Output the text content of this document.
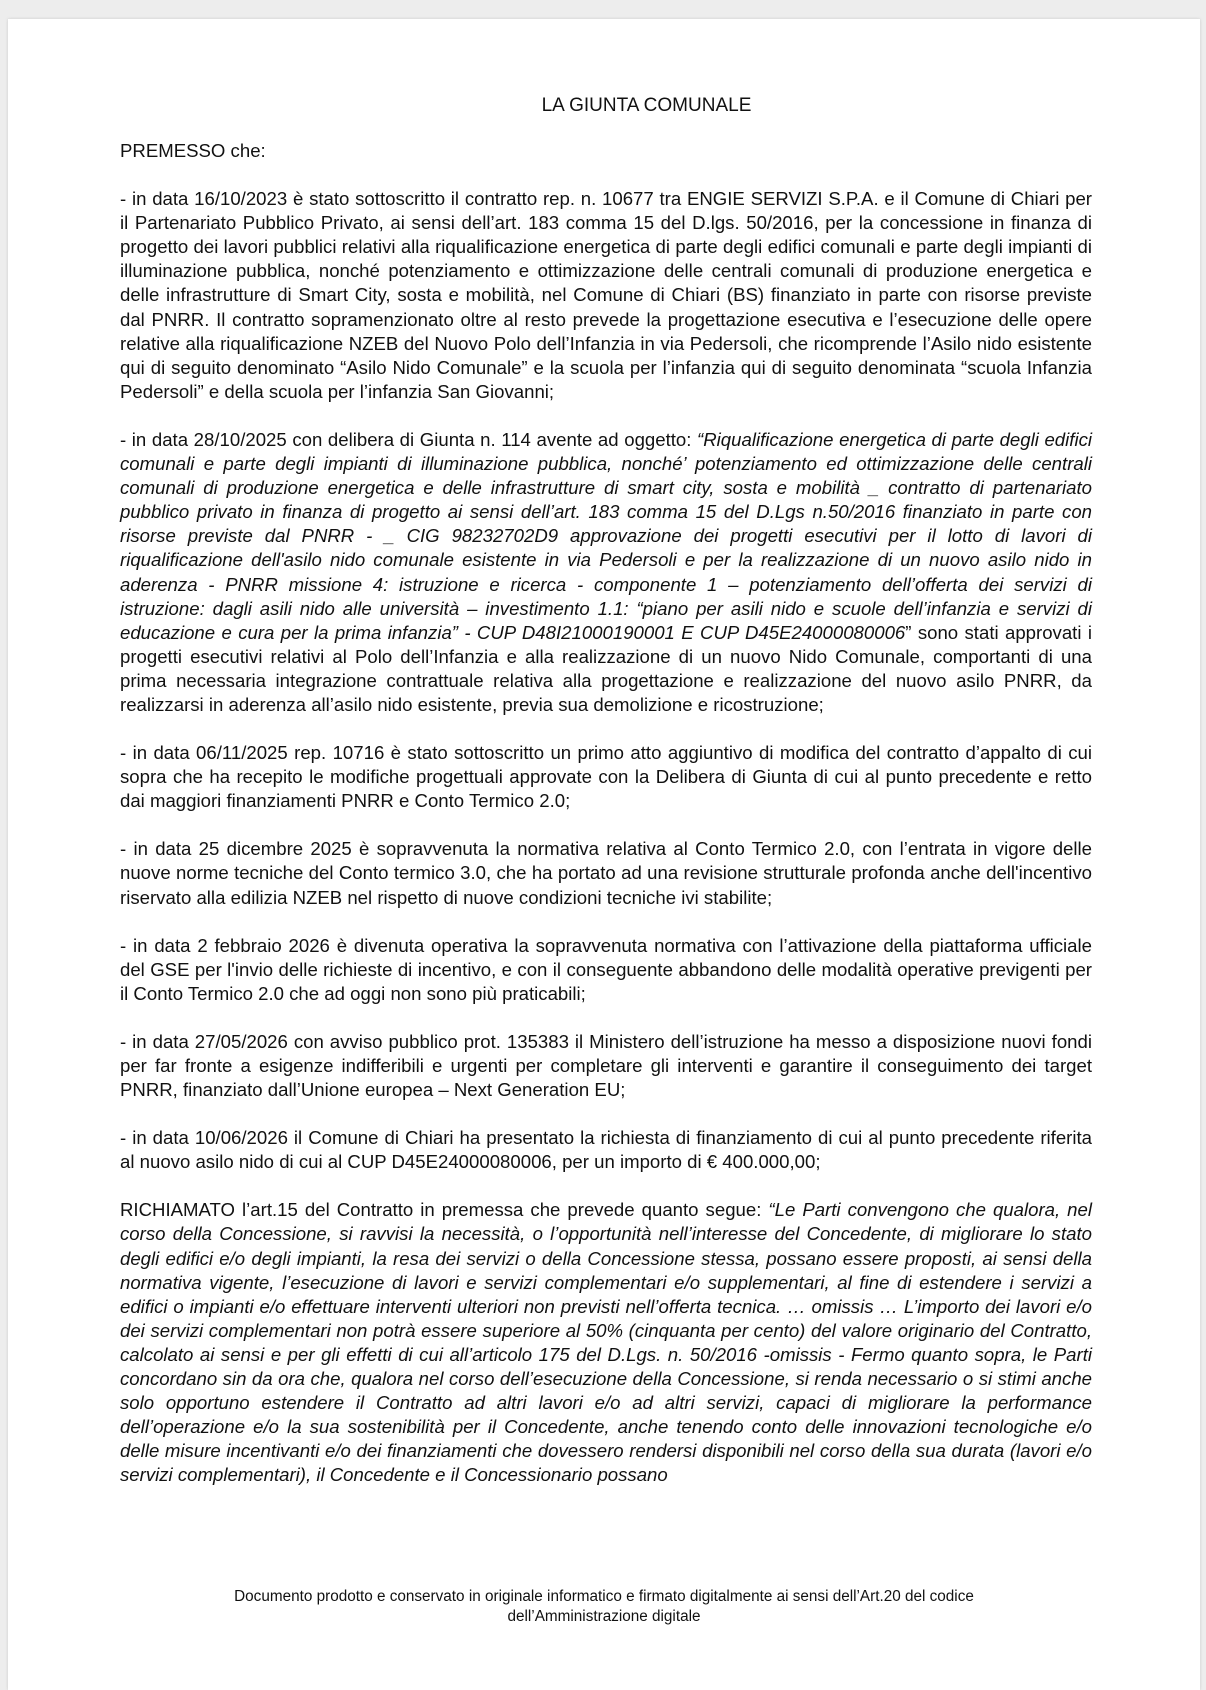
LA GIUNTA COMUNALE

PREMESSO che:

- in data 16/10/2023 è stato sottoscritto il contratto rep. n. 10677 tra ENGIE SERVIZI S.P.A. e il Comune di Chiari per il Partenariato Pubblico Privato, ai sensi dell’art. 183 comma 15 del D.lgs. 50/2016, per la concessione in finanza di progetto dei lavori pubblici relativi alla riqualificazione energetica di parte degli edifici comunali e parte degli impianti di illuminazione pubblica, nonché potenziamento e ottimizzazione delle centrali comunali di produzione energetica e delle infrastrutture di Smart City, sosta e mobilità, nel Comune di Chiari (BS) finanziato in parte con risorse previste dal PNRR. Il contratto sopramenzionato oltre al resto prevede la progettazione esecutiva e l’esecuzione delle opere relative alla riqualificazione NZEB del Nuovo Polo dell’Infanzia in via Pedersoli, che ricomprende l’Asilo nido esistente qui di seguito denominato “Asilo Nido Comunale” e la scuola per l’infanzia qui di seguito denominata “scuola Infanzia Pedersoli” e della scuola per l’infanzia San Giovanni;

- in data 28/10/2025 con delibera di Giunta n. 114 avente ad oggetto: “Riqualificazione energetica di parte degli edifici comunali e parte degli impianti di illuminazione pubblica, nonché’ potenziamento ed ottimizzazione delle centrali comunali di produzione energetica e delle infrastrutture di smart city, sosta e mobilità _ contratto di partenariato pubblico privato in finanza di progetto ai sensi dell’art. 183 comma 15 del D.Lgs n.50/2016 finanziato in parte con risorse previste dal PNRR - _ CIG 98232702D9 approvazione dei progetti esecutivi per il lotto di lavori di riqualificazione dell'asilo nido comunale esistente in via Pedersoli e per la realizzazione di un nuovo asilo nido in aderenza - PNRR missione 4: istruzione e ricerca - componente 1 – potenziamento dell’offerta dei servizi di istruzione: dagli asili nido alle università – investimento 1.1: “piano per asili nido e scuole dell’infanzia e servizi di educazione e cura per la prima infanzia” - CUP D48I21000190001 E CUP D45E24000080006” sono stati approvati i progetti esecutivi relativi al Polo dell’Infanzia e alla realizzazione di un nuovo Nido Comunale, comportanti di una prima necessaria integrazione contrattuale relativa alla progettazione e realizzazione del nuovo asilo PNRR, da realizzarsi in aderenza all’asilo nido esistente, previa sua demolizione e ricostruzione;

- in data 06/11/2025 rep. 10716 è stato sottoscritto un primo atto aggiuntivo di modifica del contratto d’appalto di cui sopra che ha recepito le modifiche progettuali approvate con la Delibera di Giunta di cui al punto precedente e retto dai maggiori finanziamenti PNRR e Conto Termico 2.0;

- in data 25 dicembre 2025 è sopravvenuta la normativa relativa al Conto Termico 2.0, con l’entrata in vigore delle nuove norme tecniche del Conto termico 3.0, che ha portato ad una revisione strutturale profonda anche dell'incentivo riservato alla edilizia NZEB nel rispetto di nuove condizioni tecniche ivi stabilite;

- in data 2 febbraio 2026 è divenuta operativa la sopravvenuta normativa con l’attivazione della piattaforma ufficiale del GSE per l'invio delle richieste di incentivo, e con il conseguente abbandono delle modalità operative previgenti per il Conto Termico 2.0 che ad oggi non sono più praticabili;

- in data 27/05/2026 con avviso pubblico prot. 135383 il Ministero dell’istruzione ha messo a disposizione nuovi fondi per far fronte a esigenze indifferibili e urgenti per completare gli interventi e garantire il conseguimento dei target PNRR, finanziato dall’Unione europea – Next Generation EU;

- in data 10/06/2026 il Comune di Chiari ha presentato la richiesta di finanziamento di cui al punto precedente riferita al nuovo asilo nido di cui al CUP D45E24000080006, per un importo di € 400.000,00;

RICHIAMATO l’art.15 del Contratto in premessa che prevede quanto segue: “Le Parti convengono che qualora, nel corso della Concessione, si ravvisi la necessità, o l’opportunità nell’interesse del Concedente, di migliorare lo stato degli edifici e/o degli impianti, la resa dei servizi o della Concessione stessa, possano essere proposti, ai sensi della normativa vigente, l’esecuzione di lavori e servizi complementari e/o supplementari, al fine di estendere i servizi a edifici o impianti e/o effettuare interventi ulteriori non previsti nell’offerta tecnica. … omissis … L’importo dei lavori e/o dei servizi complementari non potrà essere superiore al 50% (cinquanta per cento) del valore originario del Contratto, calcolato ai sensi e per gli effetti di cui all’articolo 175 del D.Lgs. n. 50/2016 -omissis - Fermo quanto sopra, le Parti concordano sin da ora che, qualora nel corso dell’esecuzione della Concessione, si renda necessario o si stimi anche solo opportuno estendere il Contratto ad altri lavori e/o ad altri servizi, capaci di migliorare la performance dell’operazione e/o la sua sostenibilità per il Concedente, anche tenendo conto delle innovazioni tecnologiche e/o delle misure incentivanti e/o dei finanziamenti che dovessero rendersi disponibili nel corso della sua durata (lavori e/o servizi complementari), il Concedente e il Concessionario possano

Documento prodotto e conservato in originale informatico e firmato digitalmente ai sensi dell’Art.20 del codice
dell’Amministrazione digitale
